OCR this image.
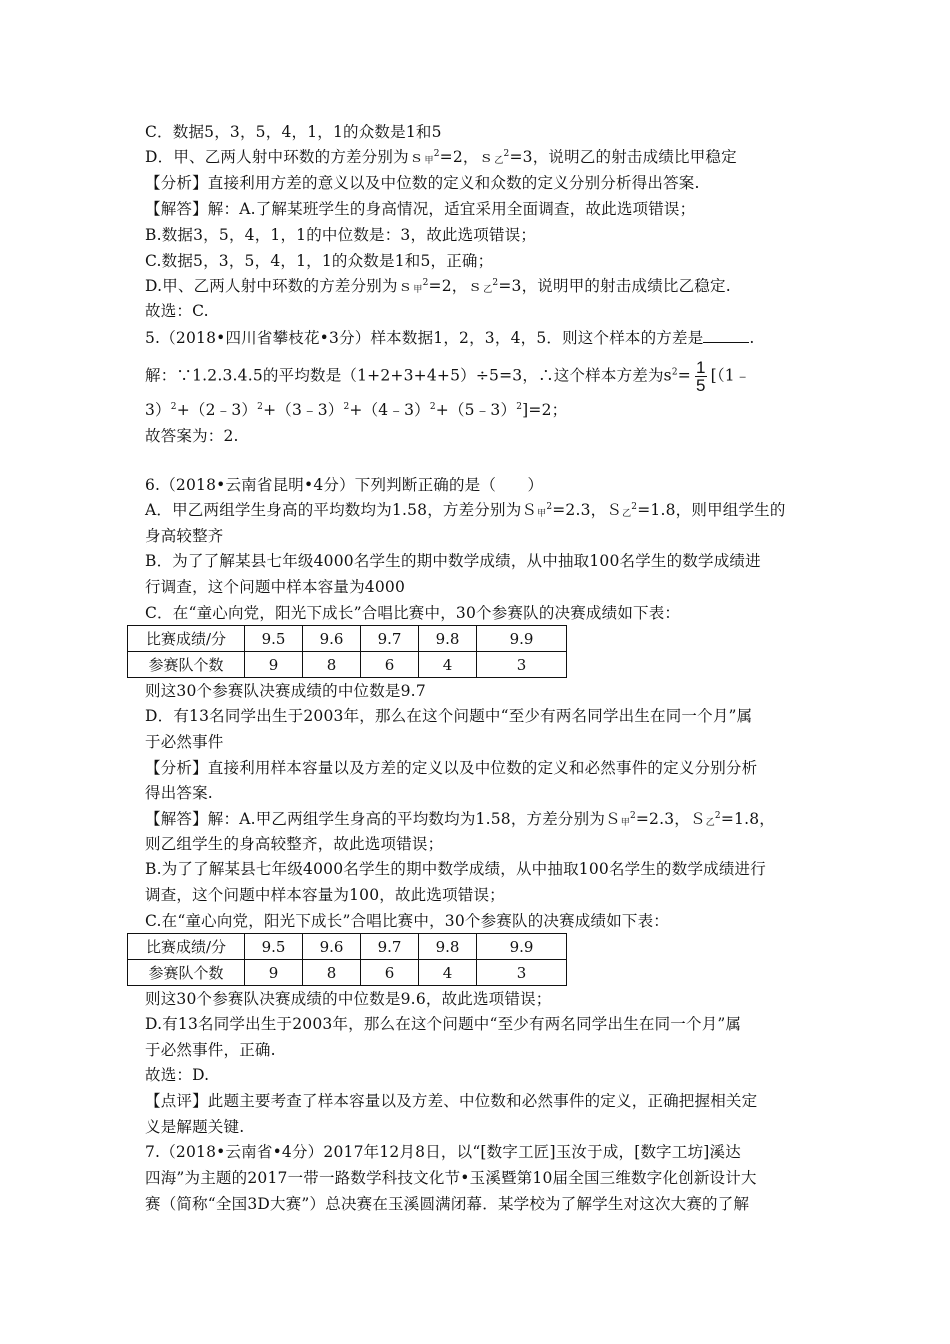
C．数据5，3，5，4，1，1的众数是1和5
D．甲、乙两人射中环数的方差分别为ｓ$_甲^2$=2，ｓ$_乙^2$=3，说明乙的射击成绩比甲稳定
【分析】直接利用方差的意义以及中位数的定义和众数的定义分别分析得出答案.
【解答】解：A.了解某班学生的身高情况，适宜采用全面调查，故此选项错误；
B.数据3，5，4，1，1的中位数是：3，故此选项错误；
C.数据5，3，5，4，1，1的众数是1和5，正确；
D.甲、乙两人射中环数的方差分别为ｓ$_甲^2$=2，ｓ$_乙^2$=3，说明甲的射击成绩比乙稳定.
故选：C.
5.（2018•四川省攀枝花•3分）样本数据1，2，3，4，5．则这个样本的方差是	.
解：∵1.2.3.4.5的平均数是（1+2+3+4+5）÷5=3，∴这个样本方差为$s^2= \frac{1}{5}$ [（1﹣
3）$^2$+（2﹣3）$^2$+（3﹣3）$^2$+（4﹣3）$^2$+（5﹣3）$^2$]=2；
故答案为：2.
6.（2018•云南省昆明•4分）下列判断正确的是（　　）
A．甲乙两组学生身高的平均数均为1.58，方差分别为Ｓ$_甲^2$=2.3，Ｓ$_乙^2$=1.8，则甲组学生的
身高较整齐
B．为了了解某县七年级4000名学生的期中数学成绩，从中抽取100名学生的数学成绩进
行调查，这个问题中样本容量为4000
C．在“童心向党，阳光下成长”合唱比赛中，30个参赛队的决赛成绩如下表：
比赛成绩/分	9.5	9.6	9.7	9.8	9.9
参赛队个数	9	8	6	4	3
则这30个参赛队决赛成绩的中位数是9.7
D．有13名同学出生于2003年，那么在这个问题中“至少有两名同学出生在同一个月”属
于必然事件
【分析】直接利用样本容量以及方差的定义以及中位数的定义和必然事件的定义分别分析
得出答案.
【解答】解：A.甲乙两组学生身高的平均数均为1.58，方差分别为Ｓ$_甲^2$=2.3，Ｓ$_乙^2$=1.8，
则乙组学生的身高较整齐，故此选项错误；
B.为了了解某县七年级4000名学生的期中数学成绩，从中抽取100名学生的数学成绩进行
调查，这个问题中样本容量为100，故此选项错误；
C.在“童心向党，阳光下成长”合唱比赛中，30个参赛队的决赛成绩如下表：
比赛成绩/分	9.5	9.6	9.7	9.8	9.9
参赛队个数	9	8	6	4	3
则这30个参赛队决赛成绩的中位数是9.6，故此选项错误；
D.有13名同学出生于2003年，那么在这个问题中“至少有两名同学出生在同一个月”属
于必然事件，正确.
故选：D.
【点评】此题主要考查了样本容量以及方差、中位数和必然事件的定义，正确把握相关定
义是解题关键.
7.（2018•云南省•4分）2017年12月8日，以“[数字工匠]玉汝于成，[数字工坊]溪达
四海”为主题的2017一带一路数学科技文化节•玉溪暨第10届全国三维数字化创新设计大
赛（简称“全国3D大赛”）总决赛在玉溪圆满闭幕．某学校为了解学生对这次大赛的了解
